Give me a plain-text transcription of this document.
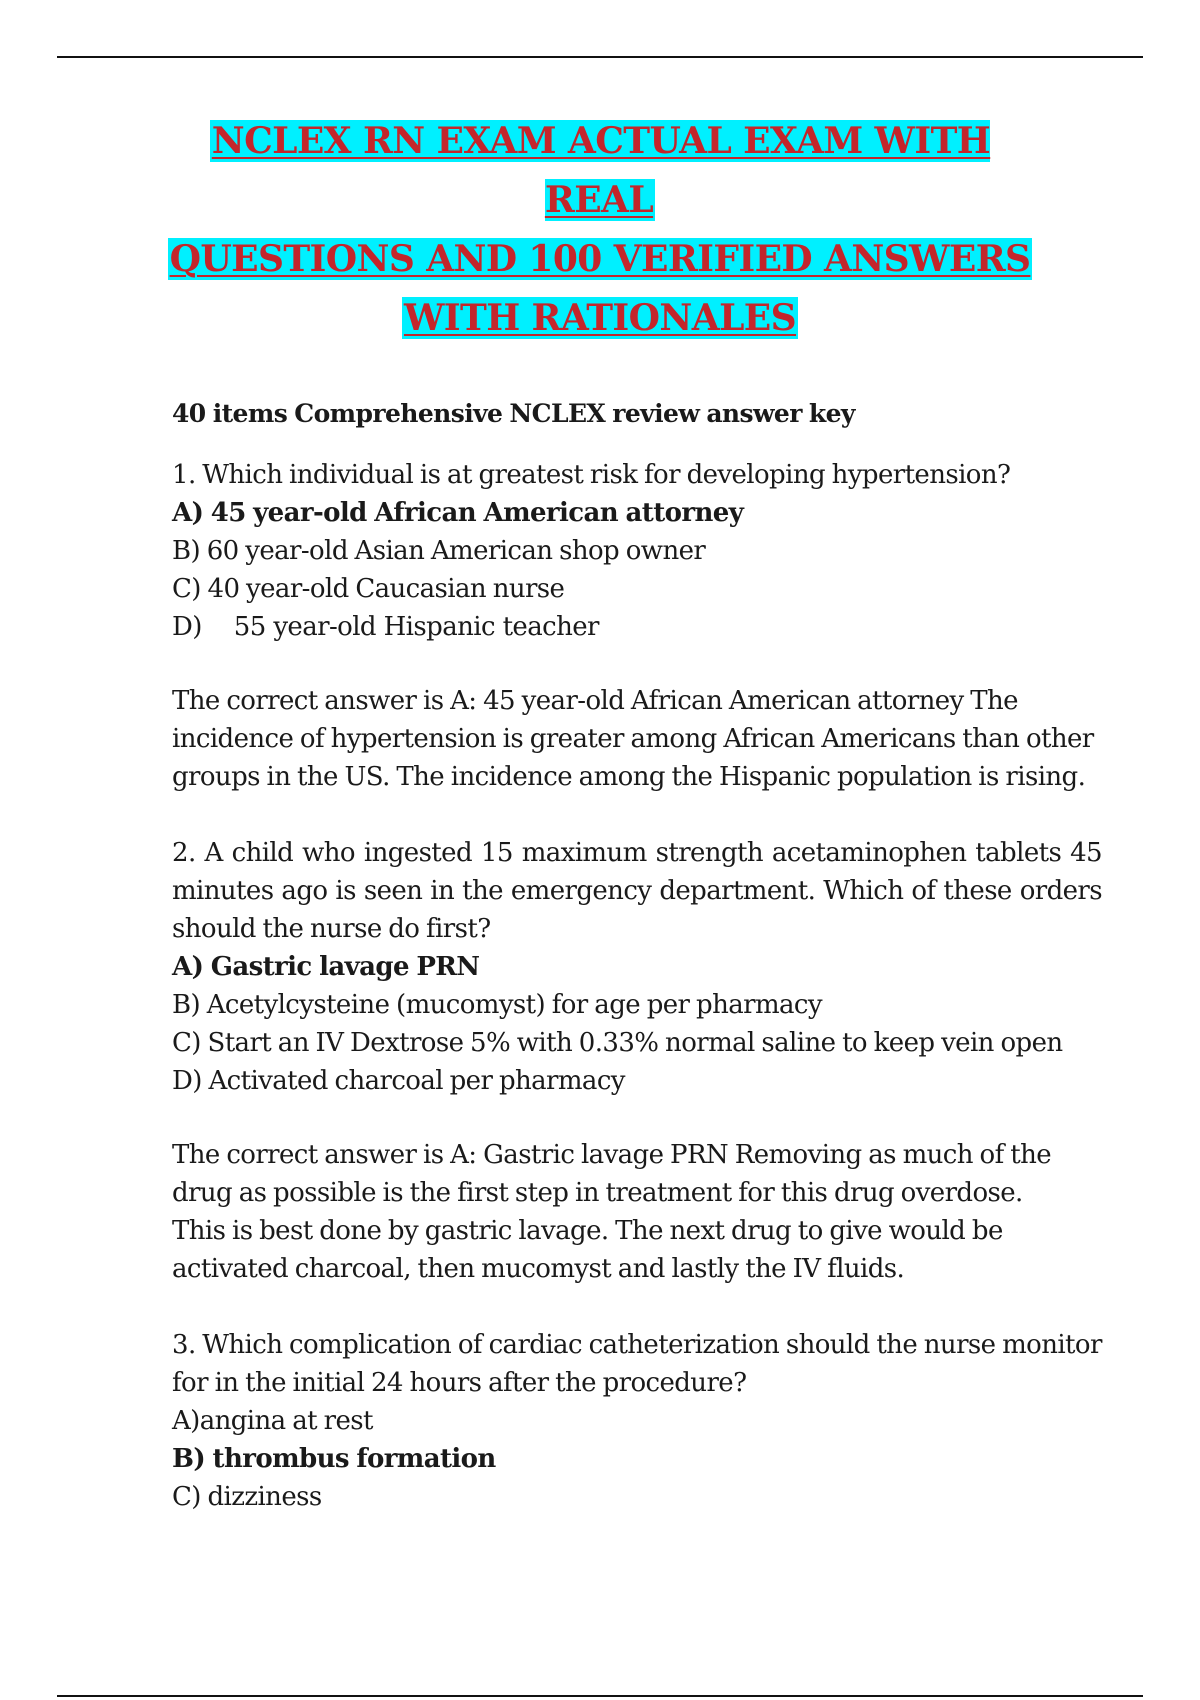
NCLEX RN EXAM ACTUAL EXAM WITH REAL
QUESTIONS AND 100 VERIFIED ANSWERS
WITH RATIONALES
40 items Comprehensive NCLEX review answer key

1. Which individual is at greatest risk for developing hypertension?

A) 45 year-old African American attorney
B) 60 year-old Asian American shop owner
C) 40 year-old Caucasian nurse
D) 55 year-old Hispanic teacher

The correct answer is A: 45 year-old African American attorney The incidence of hypertension is greater among African Americans than other groups in the US. The incidence among the Hispanic population is rising.

2. A child who ingested 15 maximum strength acetaminophen tablets 45 minutes ago is seen in the emergency department. Which of these orders should the nurse do first?

A) Gastric lavage PRN
B) Acetylcysteine (mucomyst) for age per pharmacy
C) Start an IV Dextrose 5% with 0.33% normal saline to keep vein open
D) Activated charcoal per pharmacy

The correct answer is A: Gastric lavage PRN Removing as much of the drug as possible is the first step in treatment for this drug overdose.

This is best done by gastric lavage. The next drug to give would be activated charcoal, then mucomyst and lastly the IV fluids.

3. Which complication of cardiac catheterization should the nurse monitor for in the initial 24 hours after the procedure?

A)angina at rest
B) thrombus formation
C) dizziness
